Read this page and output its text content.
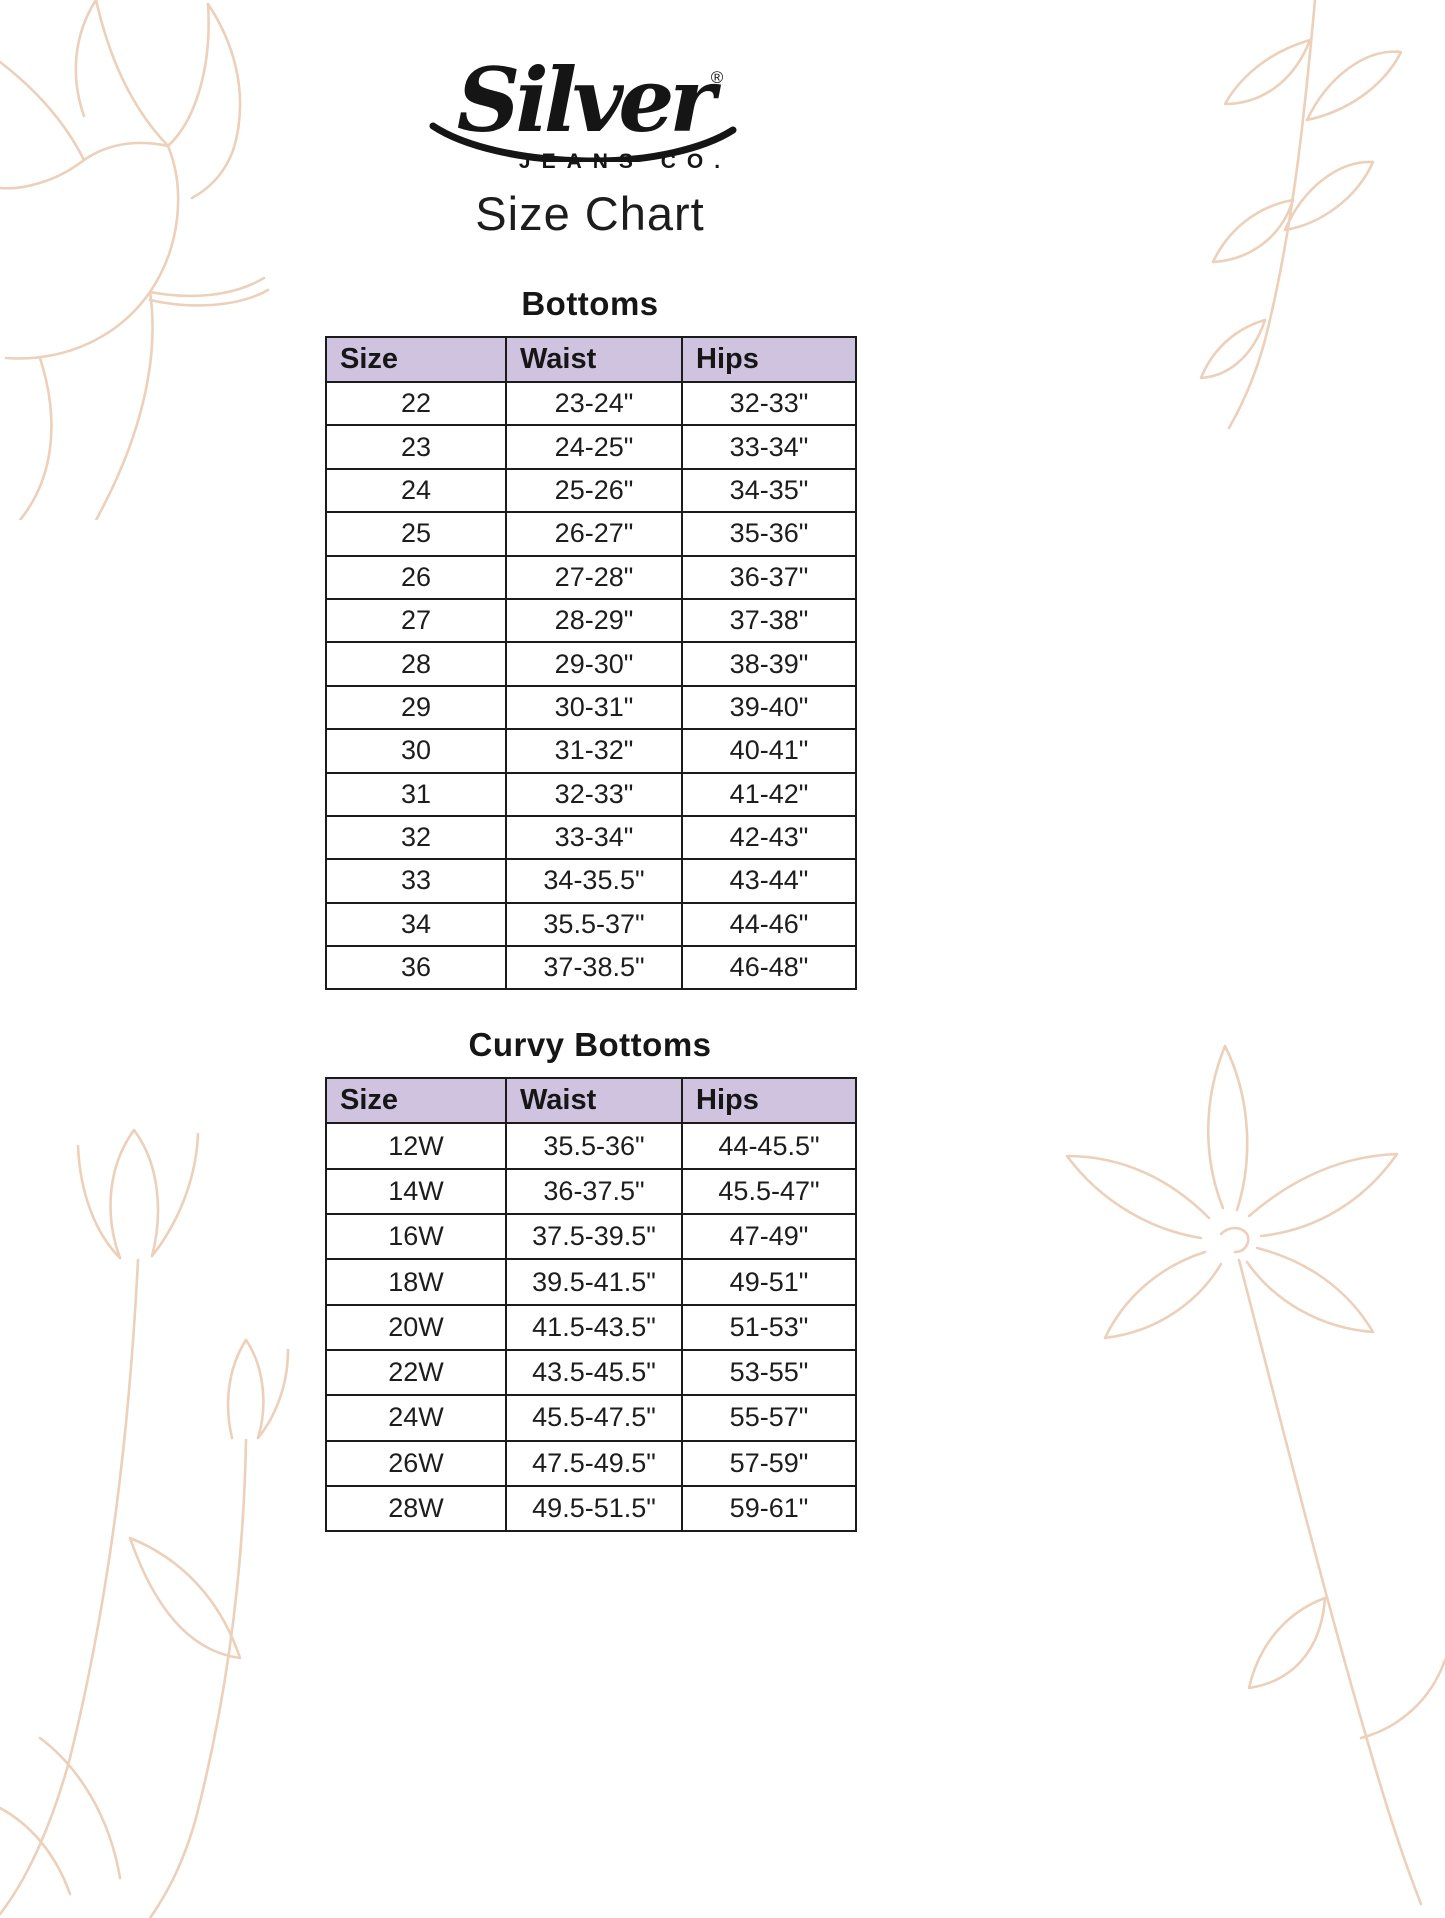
Silver®
JEANS CO.
Size Chart
Bottoms
Size	Waist	Hips
22	23-24"	32-33"
23	24-25"	33-34"
24	25-26"	34-35"
25	26-27"	35-36"
26	27-28"	36-37"
27	28-29"	37-38"
28	29-30"	38-39"
29	30-31"	39-40"
30	31-32"	40-41"
31	32-33"	41-42"
32	33-34"	42-43"
33	34-35.5"	43-44"
34	35.5-37"	44-46"
36	37-38.5"	46-48"
Curvy Bottoms
Size	Waist	Hips
12W	35.5-36"	44-45.5"
14W	36-37.5"	45.5-47"
16W	37.5-39.5"	47-49"
18W	39.5-41.5"	49-51"
20W	41.5-43.5"	51-53"
22W	43.5-45.5"	53-55"
24W	45.5-47.5"	55-57"
26W	47.5-49.5"	57-59"
28W	49.5-51.5"	59-61"
